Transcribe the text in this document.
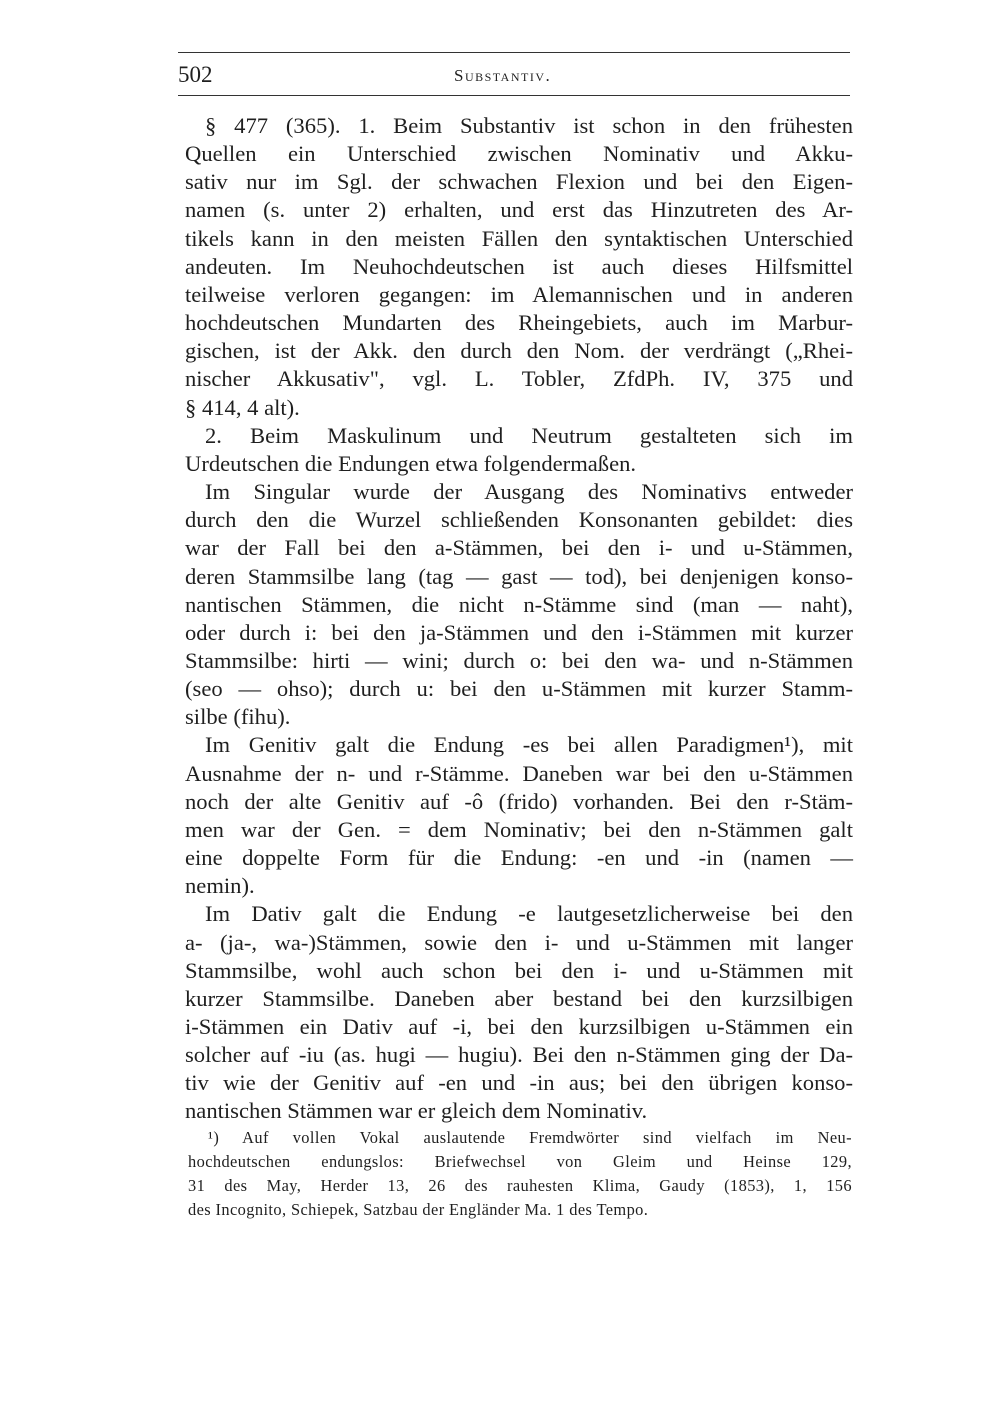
502	Substantiv.
§ 477 (365). 1. Beim Substantiv ist schon in den frühesten
Quellen ein Unterschied zwischen Nominativ und Akku-
sativ nur im Sgl. der schwachen Flexion und bei den Eigen-
namen (s. unter 2) erhalten, und erst das Hinzutreten des Ar-
tikels kann in den meisten Fällen den syntaktischen Unterschied
andeuten. Im Neuhochdeutschen ist auch dieses Hilfsmittel
teilweise verloren gegangen: im Alemannischen und in anderen
hochdeutschen Mundarten des Rheingebiets, auch im Marbur-
gischen, ist der Akk. den durch den Nom. der verdrängt („Rhei-
nischer Akkusativ", vgl. L. Tobler, ZfdPh. IV, 375 und
§ 414, 4 alt).
2. Beim Maskulinum und Neutrum gestalteten sich im
Urdeutschen die Endungen etwa folgendermaßen.
Im Singular wurde der Ausgang des Nominativs entweder
durch den die Wurzel schließenden Konsonanten gebildet: dies
war der Fall bei den a-Stämmen, bei den i- und u-Stämmen,
deren Stammsilbe lang (tag — gast — tod), bei denjenigen konso-
nantischen Stämmen, die nicht n-Stämme sind (man — naht),
oder durch i: bei den ja-Stämmen und den i-Stämmen mit kurzer
Stammsilbe: hirti — wini; durch o: bei den wa- und n-Stämmen
(seo — ohso); durch u: bei den u-Stämmen mit kurzer Stamm-
silbe (fihu).
Im Genitiv galt die Endung -es bei allen Paradigmen¹), mit
Ausnahme der n- und r-Stämme. Daneben war bei den u-Stämmen
noch der alte Genitiv auf -ô (frido) vorhanden. Bei den r-Stäm-
men war der Gen. = dem Nominativ; bei den n-Stämmen galt
eine doppelte Form für die Endung: -en und -in (namen —
nemin).
Im Dativ galt die Endung -e lautgesetzlicherweise bei den
a- (ja-, wa-)Stämmen, sowie den i- und u-Stämmen mit langer
Stammsilbe, wohl auch schon bei den i- und u-Stämmen mit
kurzer Stammsilbe. Daneben aber bestand bei den kurzsilbigen
i-Stämmen ein Dativ auf -i, bei den kurzsilbigen u-Stämmen ein
solcher auf -iu (as. hugi — hugiu). Bei den n-Stämmen ging der Da-
tiv wie der Genitiv auf -en und -in aus; bei den übrigen konso-
nantischen Stämmen war er gleich dem Nominativ.
¹) Auf vollen Vokal auslautende Fremdwörter sind vielfach im Neu-
hochdeutschen endungslos: Briefwechsel von Gleim und Heinse 129,
31 des May, Herder 13, 26 des rauhesten Klima, Gaudy (1853), 1, 156
des Incognito, Schiepek, Satzbau der Engländer Ma. 1 des Tempo.
